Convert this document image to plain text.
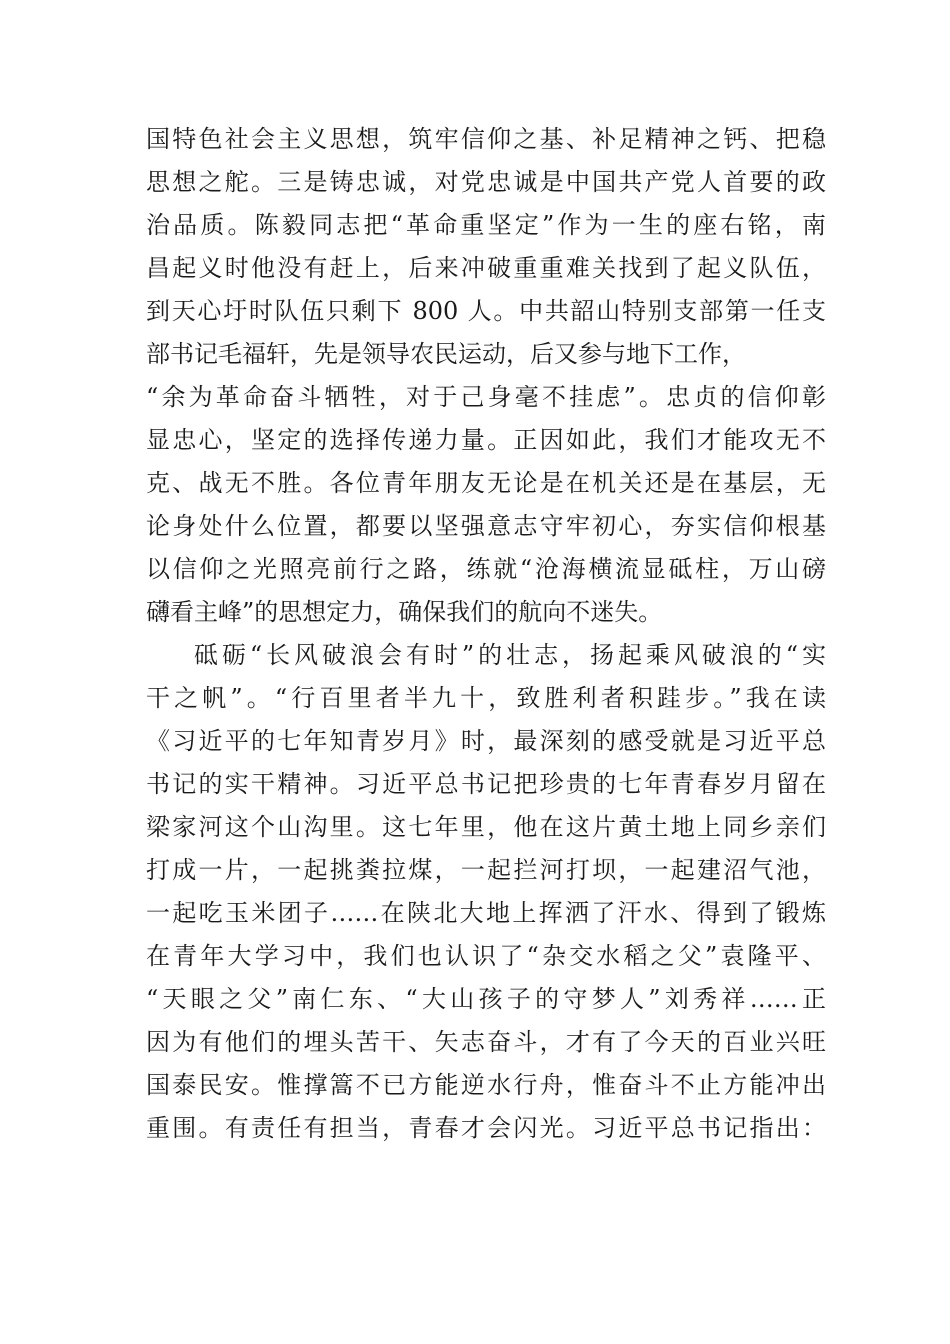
国特色社会主义思想，筑牢信仰之基、补足精神之钙、把稳
思想之舵。三是铸忠诚，对党忠诚是中国共产党人首要的政
治品质。陈毅同志把“革命重坚定”作为一生的座右铭，南
昌起义时他没有赶上，后来冲破重重难关找到了起义队伍，
到天心圩时队伍只剩下 800 人。中共韶山特别支部第一任支
部书记毛福轩，先是领导农民运动，后又参与地下工作，
“余为革命奋斗牺牲，对于己身毫不挂虑”。忠贞的信仰彰
显忠心，坚定的选择传递力量。正因如此，我们才能攻无不
克、战无不胜。各位青年朋友无论是在机关还是在基层，无
论身处什么位置，都要以坚强意志守牢初心，夯实信仰根基
以信仰之光照亮前行之路，练就“沧海横流显砥柱，万山磅
礴看主峰”的思想定力，确保我们的航向不迷失。
砥砺“长风破浪会有时”的壮志，扬起乘风破浪的“实
干之帆”。“行百里者半九十，致胜利者积跬步。”我在读
《习近平的七年知青岁月》时，最深刻的感受就是习近平总
书记的实干精神。习近平总书记把珍贵的七年青春岁月留在
梁家河这个山沟里。这七年里，他在这片黄土地上同乡亲们
打成一片，一起挑粪拉煤，一起拦河打坝，一起建沼气池，
一起吃玉米团子……在陕北大地上挥洒了汗水、得到了锻炼
在青年大学习中，我们也认识了“杂交水稻之父”袁隆平、
“天眼之父”南仁东、“大山孩子的守梦人”刘秀祥……正
因为有他们的埋头苦干、矢志奋斗，才有了今天的百业兴旺
国泰民安。惟撑篙不已方能逆水行舟，惟奋斗不止方能冲出
重围。有责任有担当，青春才会闪光。习近平总书记指出：
